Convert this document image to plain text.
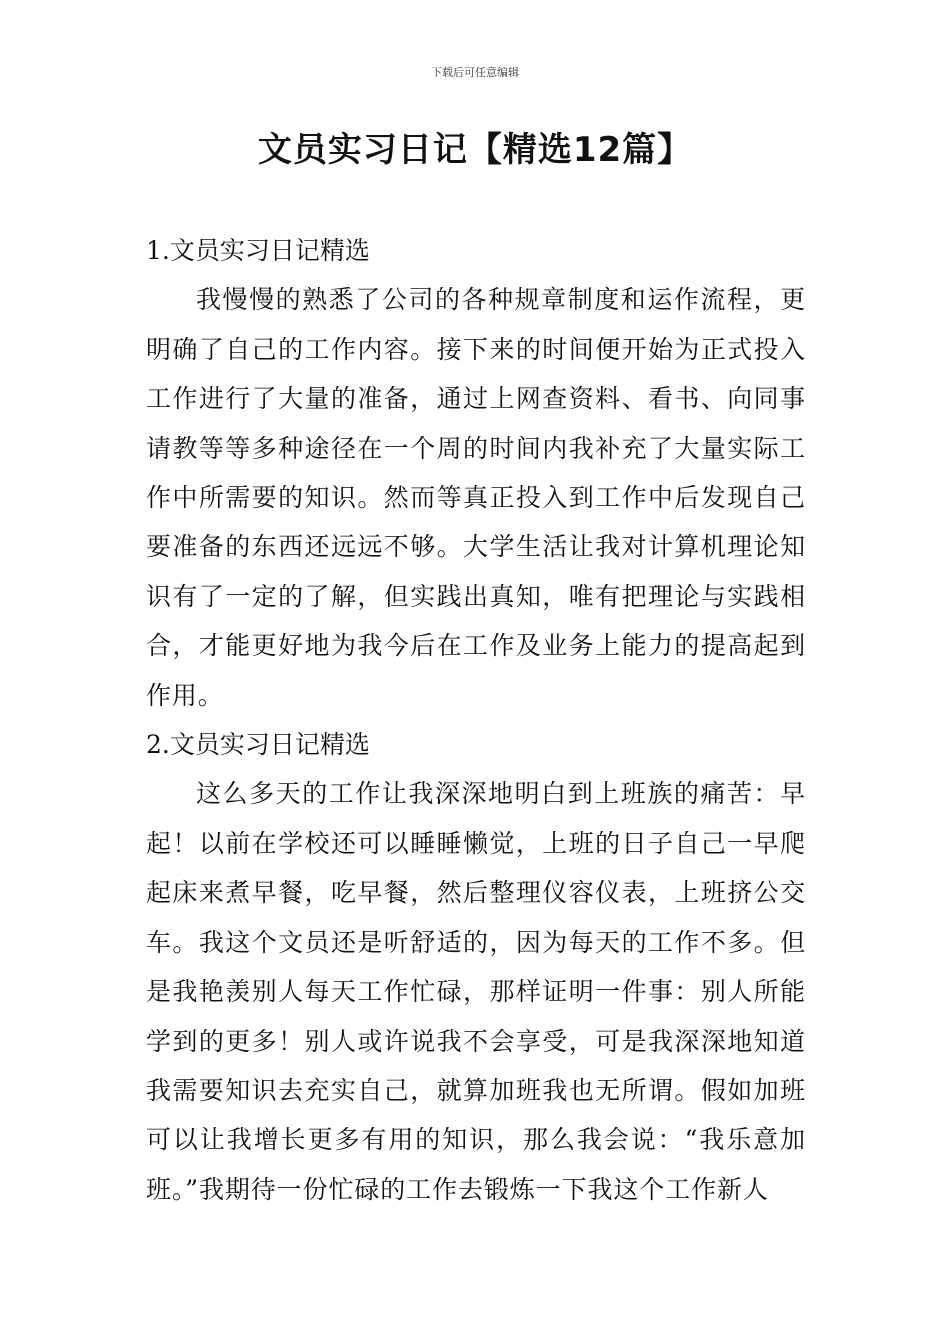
下载后可任意编辑
文员实习日记【精选12篇】
1.文员实习日记精选

我慢慢的熟悉了公司的各种规章制度和运作流程，更明确了自己的工作内容。接下来的时间便开始为正式投入工作进行了大量的准备，通过上网查资料、看书、向同事请教等等多种途径在一个周的时间内我补充了大量实际工作中所需要的知识。然而等真正投入到工作中后发现自己要准备的东西还远远不够。大学生活让我对计算机理论知识有了一定的了解，但实践出真知，唯有把理论与实践相合，才能更好地为我今后在工作及业务上能力的提高起到作用。

2.文员实习日记精选

这么多天的工作让我深深地明白到上班族的痛苦：早起！以前在学校还可以睡睡懒觉，上班的日子自己一早爬起床来煮早餐，吃早餐，然后整理仪容仪表，上班挤公交车。我这个文员还是听舒适的，因为每天的工作不多。但是我艳羡别人每天工作忙碌，那样证明一件事：别人所能学到的更多！别人或许说我不会享受，可是我深深地知道我需要知识去充实自己，就算加班我也无所谓。假如加班可以让我增长更多有用的知识，那么我会说：“我乐意加班。”我期待一份忙碌的工作去锻炼一下我这个工作新人
